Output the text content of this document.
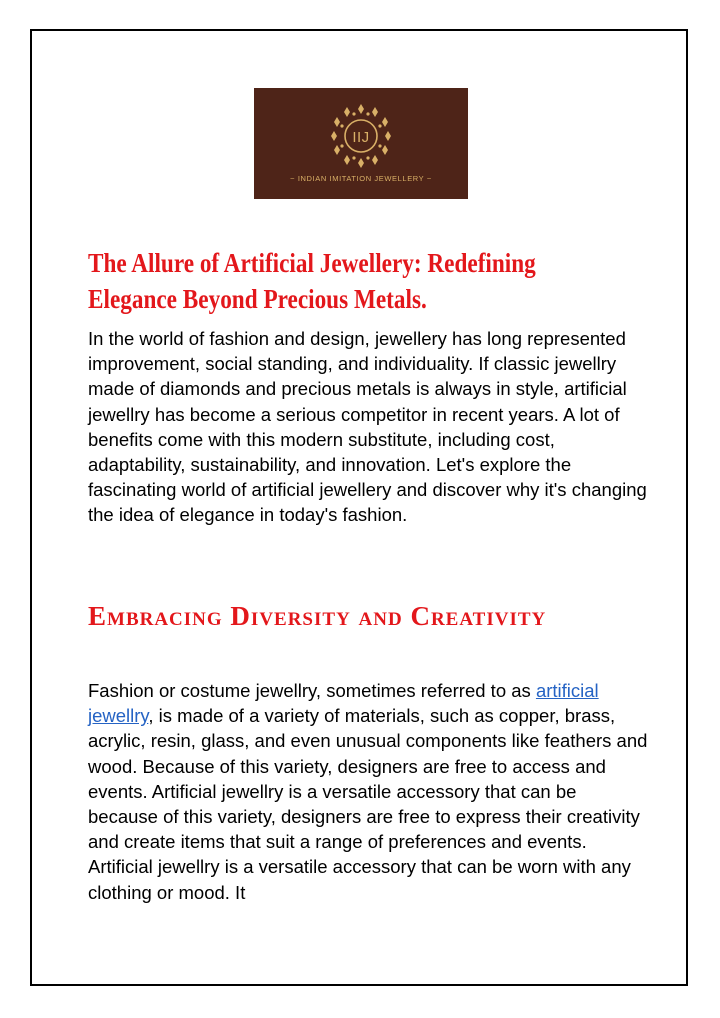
IIJ
~ INDIAN IMITATION JEWELLERY ~
The Allure of Artificial Jewellery: Redefining Elegance Beyond Precious Metals.

In the world of fashion and design, jewellery has long represented improvement, social standing, and individuality. If classic jewellry made of diamonds and precious metals is always in style, artificial jewellry has become a serious competitor in recent years. A lot of benefits come with this modern substitute, including cost, adaptability, sustainability, and innovation. Let's explore the fascinating world of artificial jewellery and discover why it's changing the idea of elegance in today's fashion.

Embracing Diversity and Creativity

Fashion or costume jewellry, sometimes referred to as artificial jewellry, is made of a variety of materials, such as copper, brass, acrylic, resin, glass, and even unusual components like feathers and wood. Because of this variety, designers are free to access and events. Artificial jewellry is a versatile accessory that can be because of this variety, designers are free to express their creativity and create items that suit a range of preferences and events. Artificial jewellry is a versatile accessory that can be worn with any clothing or mood. It
